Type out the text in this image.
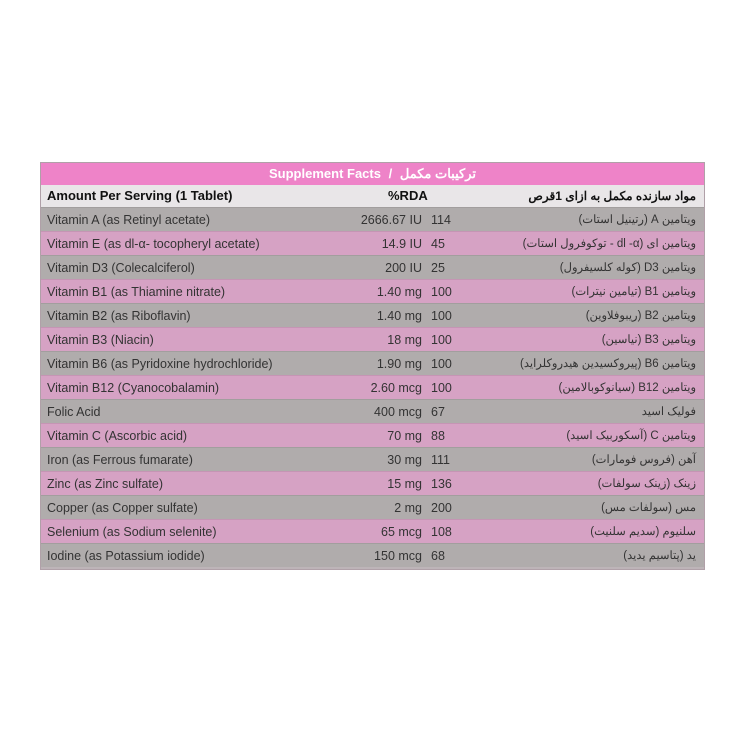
Supplement Facts / ترکیبات مکمل
Amount Per Serving (1 Tablet)	%RDA	مواد سازنده مکمل به ازای 1قرص
Vitamin A (as Retinyl acetate)	2666.67 IU 114	ویتامین A (رتینیل استات)
Vitamin E (as dl-α- tocopheryl acetate)	14.9 IU 45	ویتامین ای (dl -α - توکوفرول استات)
Vitamin D3 (Colecalciferol)	200 IU 25	ویتامین D3 (کوله کلسیفرول)
Vitamin B1 (as Thiamine nitrate)	1.40 mg 100	ویتامین B1 (تیامین نیترات)
Vitamin B2 (as Riboflavin)	1.40 mg 100	ویتامین B2 (ریبوفلاوین)
Vitamin B3 (Niacin)	18 mg 100	ویتامین B3 (نیاسین)
Vitamin B6 (as Pyridoxine hydrochloride)	1.90 mg 100	ویتامین B6 (پیروکسیدین هیدروکلراید)
Vitamin B12 (Cyanocobalamin)	2.60 mcg 100	ویتامین B12 (سیانوکوبالامین)
Folic Acid	400 mcg 67	فولیک اسید
Vitamin C (Ascorbic acid)	70 mg 88	ویتامین C (آسکوربیک اسید)
Iron (as Ferrous fumarate)	30 mg 111	آهن (فروس فومارات)
Zinc (as Zinc sulfate)	15 mg 136	زینک (زینک سولفات)
Copper (as Copper sulfate)	2 mg 200	مس (سولفات مس)
Selenium (as Sodium selenite)	65 mcg 108	سلنیوم (سدیم سلنیت)
Iodine (as Potassium iodide)	150 mcg 68	ید (پتاسیم یدید)
